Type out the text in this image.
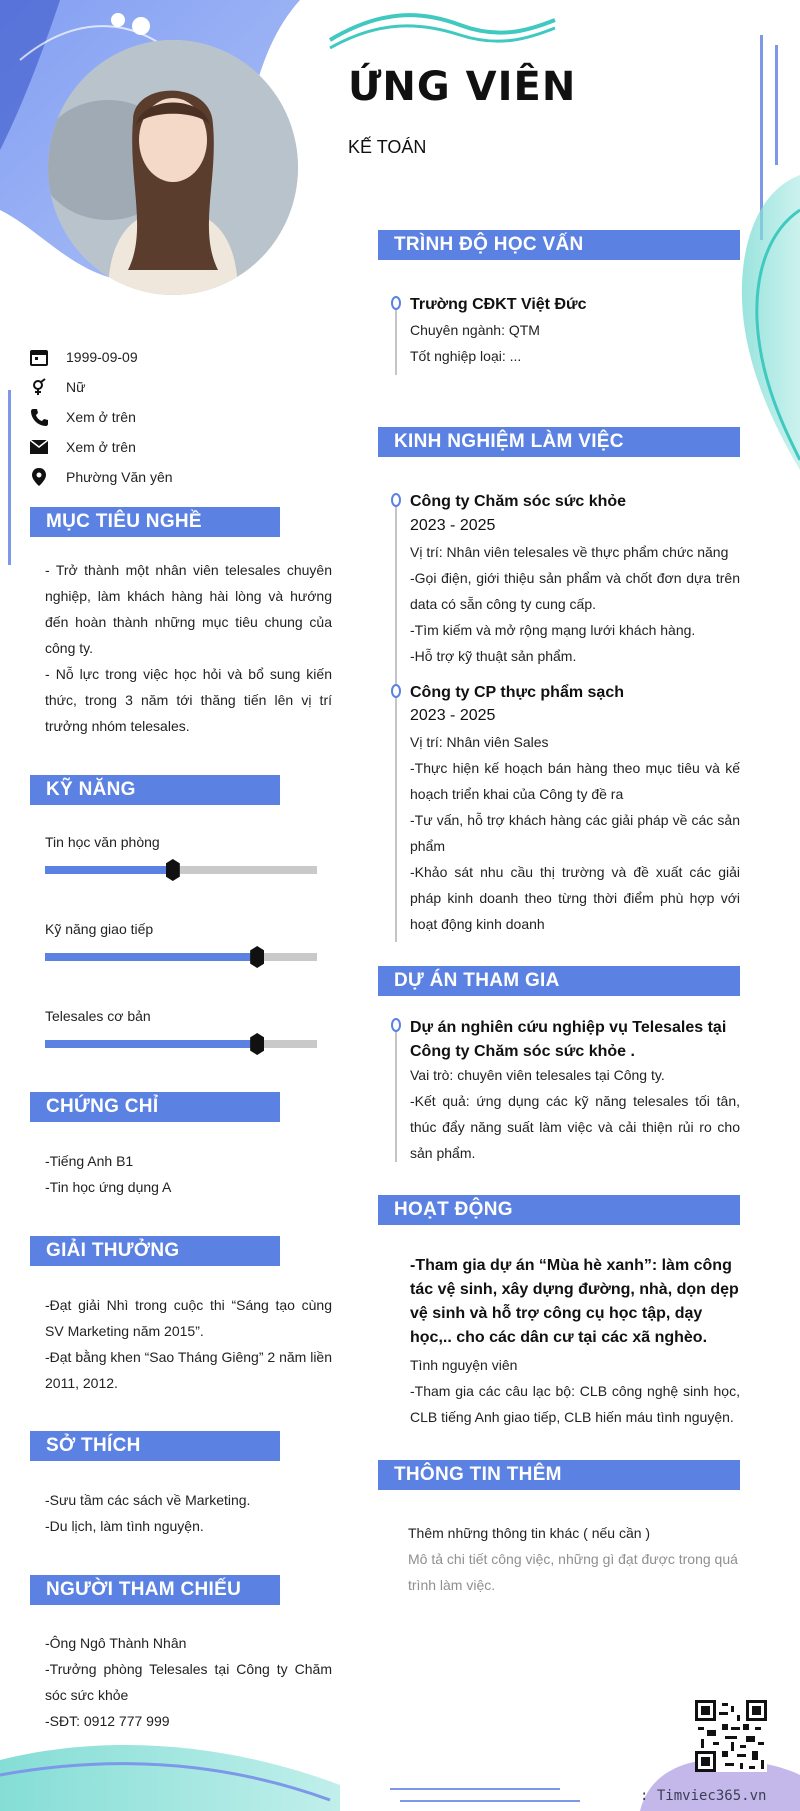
ỨNG VIÊN
KẾ TOÁN
1999-09-09
Nữ
Xem ở trên
Xem ở trên
Phường Văn yên
MỤC TIÊU NGHỀ NGHIỆP
- Trở thành một nhân viên telesales chuyên nghiệp, làm khách hàng hài lòng và hướng đến hoàn thành những mục tiêu chung của công ty.
- Nỗ lực trong việc học hỏi và bổ sung kiến thức, trong 3 năm tới thăng tiến lên vị trí trưởng nhóm telesales.
KỸ NĂNG
Tin học văn phòng
Kỹ năng giao tiếp
Telesales cơ bản
CHỨNG CHỈ
-Tiếng Anh B1
-Tin học ứng dụng A
GIẢI THƯỞNG
-Đạt giải Nhì trong cuộc thi “Sáng tạo cùng SV Marketing năm 2015”.
-Đạt bằng khen “Sao Tháng Giêng” 2 năm liền 2011, 2012.
SỞ THÍCH
-Sưu tầm các sách về Marketing.
-Du lịch, làm tình nguyện.
NGƯỜI THAM CHIẾU
-Ông Ngô Thành Nhân
-Trưởng phòng Telesales tại Công ty Chăm sóc sức khỏe
-SĐT: 0912 777 999
TRÌNH ĐỘ HỌC VẤN
Trường CĐKT Việt Đức
Chuyên ngành: QTM
Tốt nghiệp loại: ...
KINH NGHIỆM LÀM VIỆC
Công ty Chăm sóc sức khỏe
2023 - 2025
Vị trí: Nhân viên telesales về thực phẩm chức năng
-Gọi điện, giới thiệu sản phẩm và chốt đơn dựa trên data có sẵn công ty cung cấp.
-Tìm kiếm và mở rộng mạng lưới khách hàng.
-Hỗ trợ kỹ thuật sản phẩm.
Công ty CP thực phẩm sạch
2023 - 2025
Vị trí: Nhân viên Sales
-Thực hiện kế hoạch bán hàng theo mục tiêu và kế hoạch triển khai của Công ty đề ra
-Tư vấn, hỗ trợ khách hàng các giải pháp về các sản phẩm
-Khảo sát nhu cầu thị trường và đề xuất các giải pháp kinh doanh theo từng thời điểm phù hợp với hoạt động kinh doanh
DỰ ÁN THAM GIA
Dự án nghiên cứu nghiệp vụ Telesales tại Công ty Chăm sóc sức khỏe .
Vai trò: chuyên viên telesales tại Công ty.
-Kết quả: ứng dụng các kỹ năng telesales tối tân, thúc đẩy năng suất làm việc và cải thiện rủi ro cho sản phẩm.
HOẠT ĐỘNG
-Tham gia dự án “Mùa hè xanh”: làm công tác vệ sinh, xây dựng đường, nhà, dọn dẹp vệ sinh và hỗ trợ công cụ học tập, dạy học,.. cho các dân cư tại các xã nghèo.
Tình nguyện viên
-Tham gia các câu lạc bộ: CLB công nghệ sinh học, CLB tiếng Anh giao tiếp, CLB hiến máu tình nguyện.
THÔNG TIN THÊM
Thêm những thông tin khác ( nếu cần )
Mô tả chi tiết công việc, những gì đạt được trong quá trình làm việc.
: Timviec365.vn
